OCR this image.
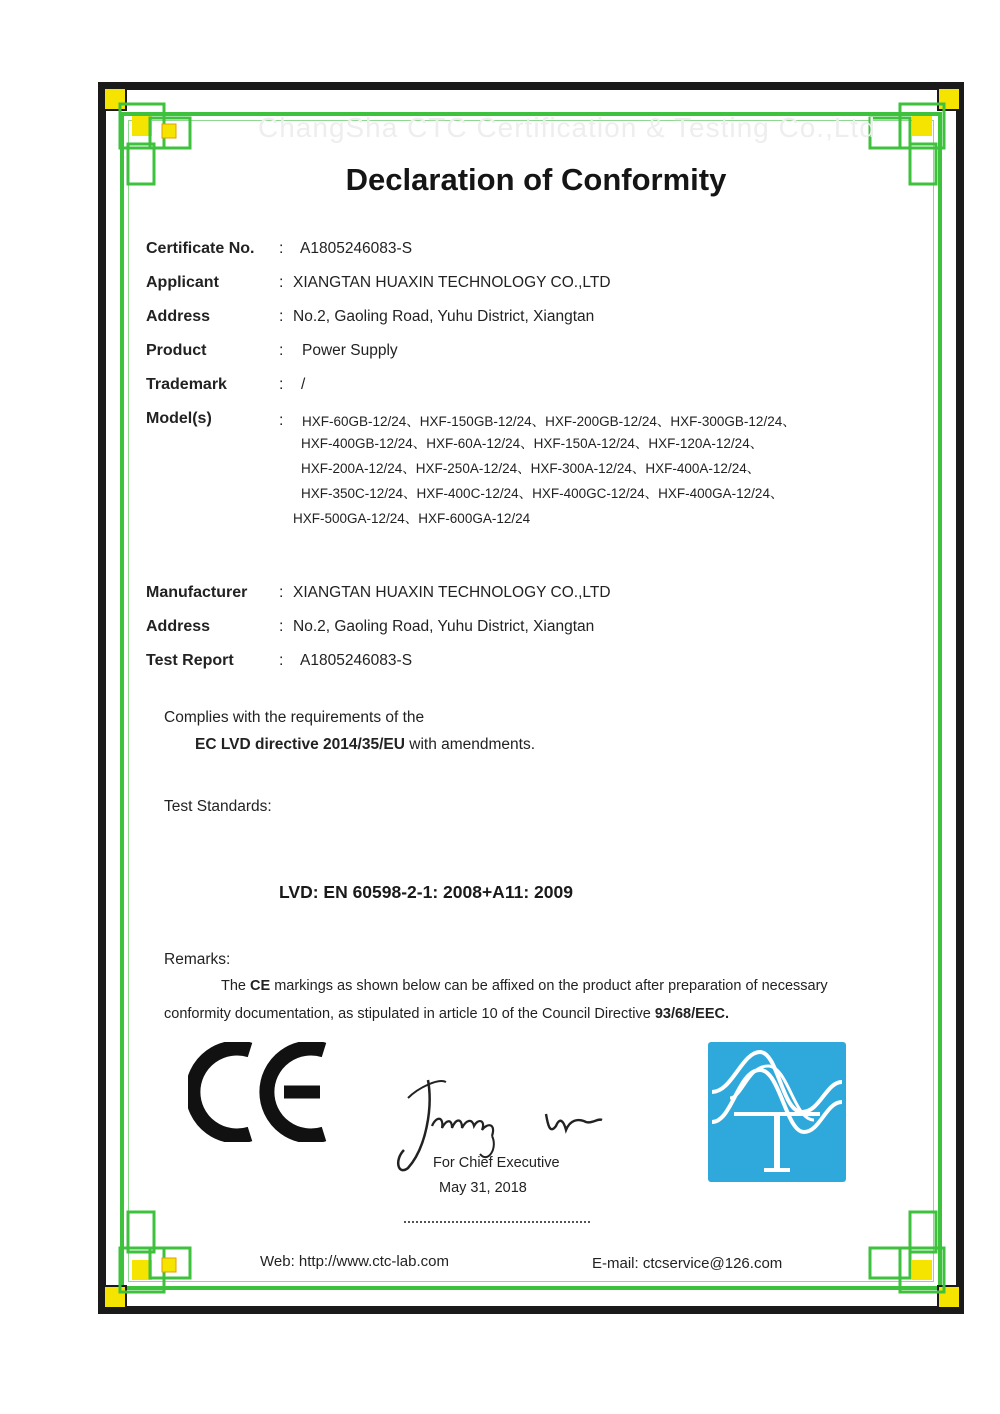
ChangSha CTC Certification & Testing Co.,Ltd
Declaration of Conformity
Certificate No. : A1805246083-S
Applicant	: XIANGTAN HUAXIN TECHNOLOGY CO.,LTD
Address	: No.2, Gaoling Road, Yuhu District, Xiangtan
Product	: Power Supply
Trademark	: /
Model(s)	: HXF-60GB-12/24、HXF-150GB-12/24、HXF-200GB-12/24、HXF-300GB-12/24、
HXF-400GB-12/24、HXF-60A-12/24、HXF-150A-12/24、HXF-120A-12/24、
HXF-200A-12/24、HXF-250A-12/24、HXF-300A-12/24、HXF-400A-12/24、
HXF-350C-12/24、HXF-400C-12/24、HXF-400GC-12/24、HXF-400GA-12/24、
HXF-500GA-12/24、HXF-600GA-12/24
Manufacturer : XIANGTAN HUAXIN TECHNOLOGY CO.,LTD
Address	: No.2, Gaoling Road, Yuhu District, Xiangtan
Test Report	: A1805246083-S
Complies with the requirements of the
EC LVD directive 2014/35/EU with amendments.
Test Standards:
LVD: EN 60598-2-1: 2008+A11: 2009
Remarks:
The CE markings as shown below can be affixed on the product after preparation of necessary
conformity documentation, as stipulated in article 10 of the Council Directive 93/68/EEC.
For Chief Executive
May 31, 2018
Web: http://www.ctc-lab.com	E-mail: ctcservice@126.com
